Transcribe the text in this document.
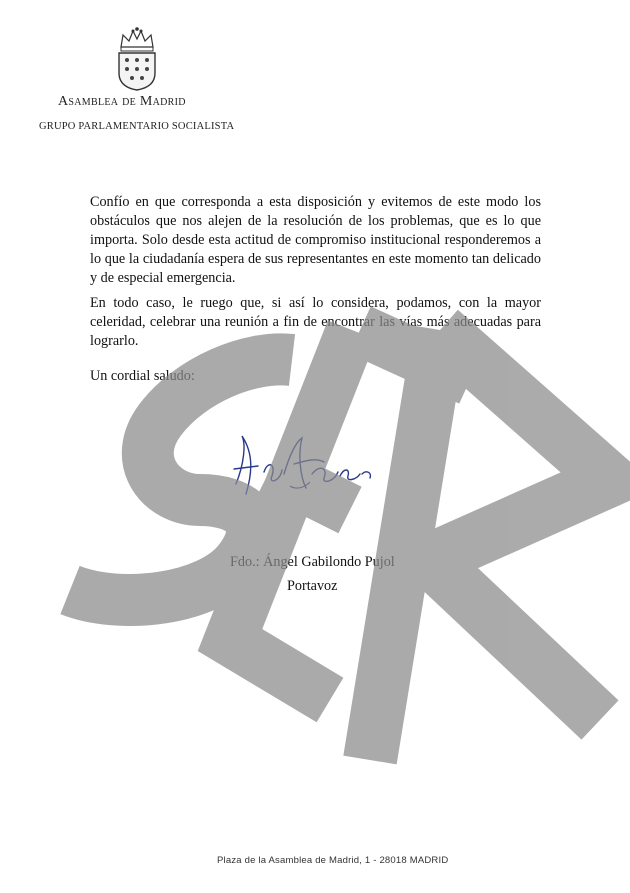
Asamblea de Madrid
GRUPO PARLAMENTARIO SOCIALISTA

Confío en que corresponda a esta disposición y evitemos de este modo los obstáculos que nos alejen de la resolución de los problemas, que es lo que importa. Solo desde esta actitud de compromiso institucional responderemos a lo que la ciudadanía espera de sus representantes en este momento tan delicado y de especial emergencia.

En todo caso, le ruego que, si así lo considera, podamos, con la mayor celeridad, celebrar una reunión a fin de encontrar las vías más adecuadas para lograrlo.

Un cordial saludo:
Fdo.: Ángel Gabilondo Pujol
Portavoz
Plaza de la Asamblea de Madrid, 1 - 28018 MADRID
